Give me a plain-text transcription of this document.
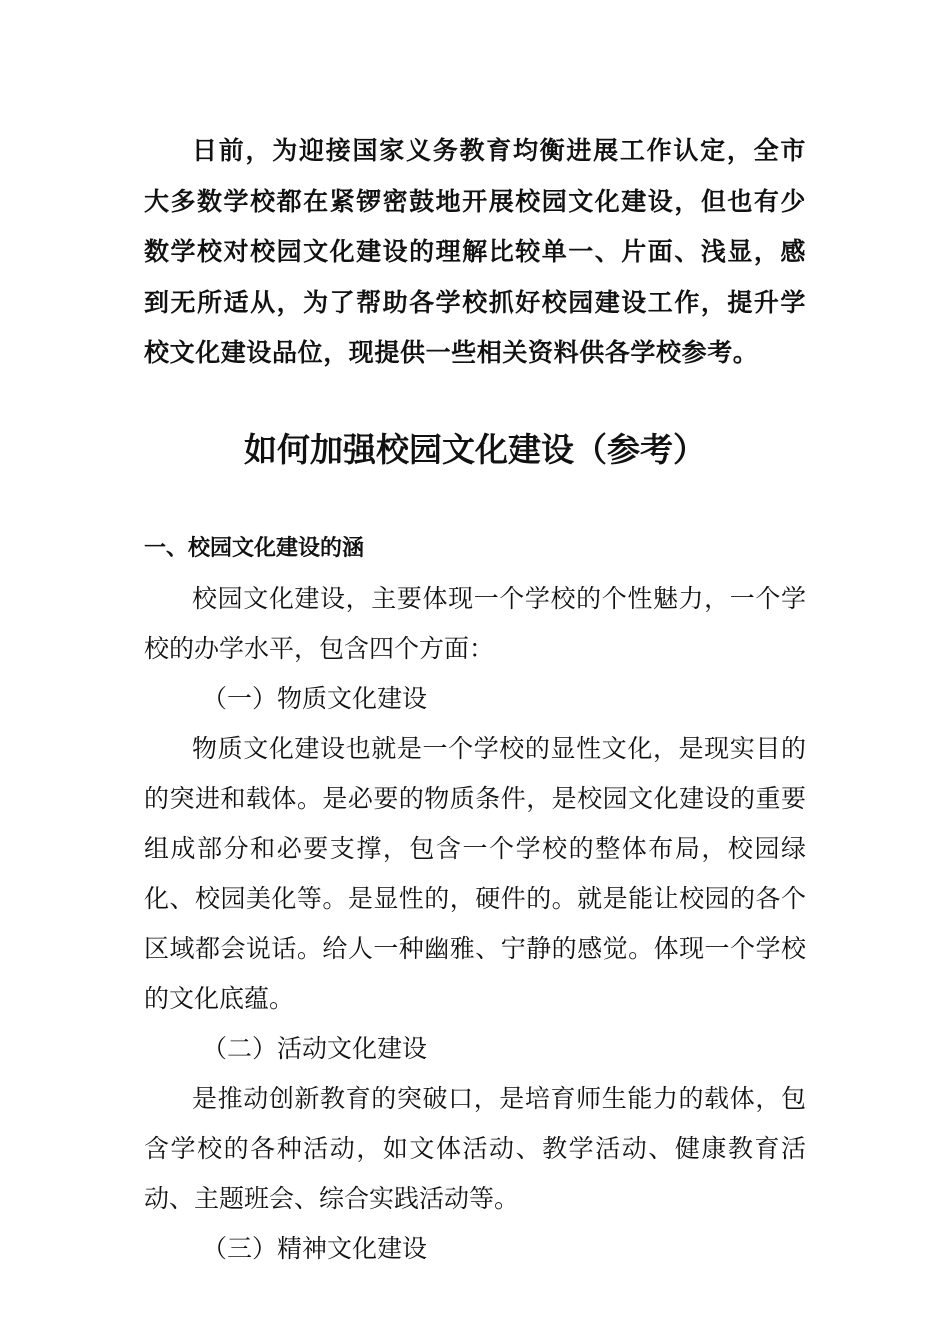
日前，为迎接国家义务教育均衡进展工作认定，全市大多数学校都在紧锣密鼓地开展校园文化建设，但也有少数学校对校园文化建设的理解比较单一、片面、浅显，感到无所适从，为了帮助各学校抓好校园建设工作，提升学校文化建设品位，现提供一些相关资料供各学校参考。

如何加强校园文化建设（参考）

一、校园文化建设的涵

校园文化建设，主要体现一个学校的个性魅力，一个学校的办学水平，包含四个方面：

（一）物质文化建设

物质文化建设也就是一个学校的显性文化，是现实目的的突进和载体。是必要的物质条件，是校园文化建设的重要组成部分和必要支撑，包含一个学校的整体布局，校园绿化、校园美化等。是显性的，硬件的。就是能让校园的各个区域都会说话。给人一种幽雅、宁静的感觉。体现一个学校的文化底蕴。

（二）活动文化建设

是推动创新教育的突破口，是培育师生能力的载体，包含学校的各种活动，如文体活动、教学活动、健康教育活动、主题班会、综合实践活动等。

（三）精神文化建设
